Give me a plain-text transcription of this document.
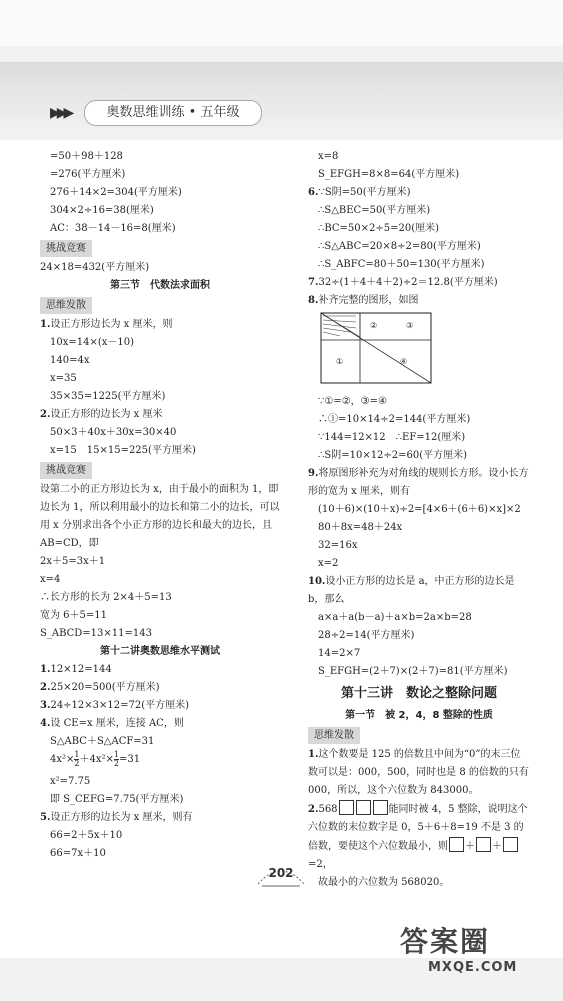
▶▶▶	奥数思维训练 • 五年级
=50＋98＋128
=276(平方厘米)
276＋14×2=304(平方厘米)
304×2÷16=38(厘米)
AC：38－14－16=8(厘米)
挑战竞赛
24×18=432(平方厘米)
第三节　代数法求面积
思维发散
1.设正方形边长为 x 厘米，则
10x=14×(x－10)
140=4x
x=35
35×35=1225(平方厘米)
2.设正方形的边长为 x 厘米
50×3＋40x＋30x=30×40
x=15　15×15=225(平方厘米)
挑战竞赛
设第二小的正方形边长为 x，由于最小的面积为 1，即边长为 1，所以利用最小的边长和第二小的边长，可以用 x 分别求出各个小正方形的边长和最大的边长，且 AB=CD，即
2x＋5=3x＋1
x=4
∴长方形的长为 2×4＋5=13
宽为 6＋5=11
S_ABCD=13×11=143
第十二讲奥数思维水平测试
1.12×12=144
2.25×20=500(平方厘米)
3.24÷12×3×12=72(平方厘米)
4.设 CE=x 厘米，连接 AC，则
S△ABC＋S△ACF=31
$4x^2\times \frac{1}{2} +4x^2\times \frac{1}{2} =31$
x²=7.75
即 S_CEFG=7.75(平方厘米)
5.设正方形的边长为 x 厘米，则有
66=2＋5x＋10
66=7x＋10
x=8
S_EFGH=8×8=64(平方厘米)
6.∵S阴=50(平方厘米)
∴S△BEC=50(平方厘米)
∴BC=50×2÷5=20(厘米)
∴S△ABC=20×8÷2=80(平方厘米)
∴S_ABFC=80＋50=130(平方厘米)
7.32÷(1＋4＋4＋2)÷2＝12.8(平方厘米)
8.补齐完整的图形，如图
②	③
①	④
∵①=②，③=④
∴①=10×14÷2=144(平方厘米)
∵144=12×12　∴EF=12(厘米)
∴S阴=10×12÷2=60(平方厘米)
9.将原图形补充为对角线的规则长方形。设小长方形的宽为 x 厘米，则有
(10＋6)×(10＋x)÷2=[4×6＋(6＋6)×x]×2
80＋8x=48＋24x
32=16x
x=2
10.设小正方形的边长是 a，中正方形的边长是 b，那么
a×a＋a(b－a)＋a×b=2a×b=28
28÷2=14(平方厘米)
14=2×7
S_EFGH=(2＋7)×(2＋7)=81(平方厘米)
第十三讲　数论之整除问题
第一节　被 2，4，8 整除的性质
思维发散
1.这个数要是 125 的倍数且中间为“0”的末三位数可以是：000，500，同时也是 8 的倍数的只有 000，所以，这个六位数为 843000。
2.568	能同时被 4，5 整除，说明这个六位数的末位数字是 0，5＋6＋8=19 不是 3 的倍数，要使这个六位数最小，则 ＋ ＋=2，
故最小的六位数为 568020。
202
答案圈
MXQE.COM
